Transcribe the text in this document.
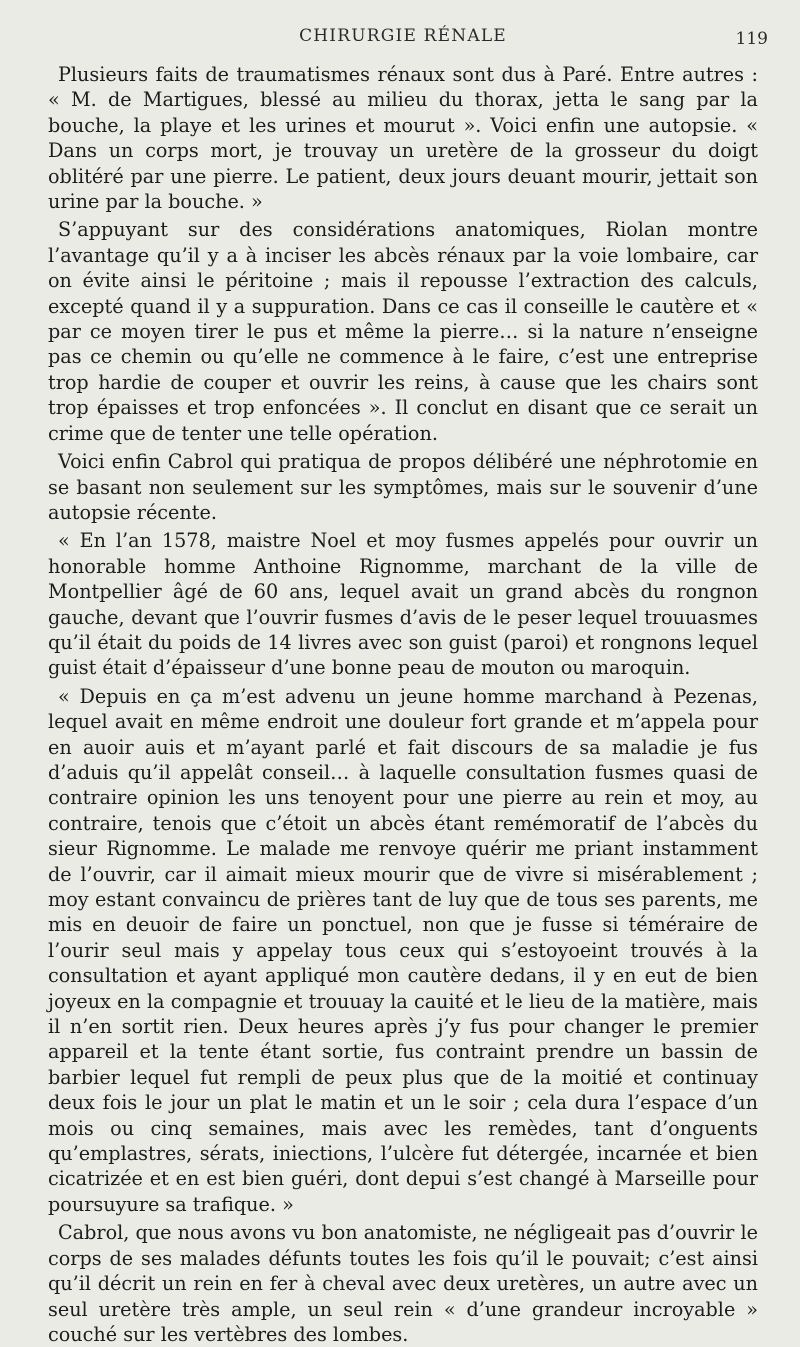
CHIRURGIE RÉNALE	119

Plusieurs faits de traumatismes rénaux sont dus à Paré. Entre autres : « M. de Martigues, blessé au milieu du thorax, jetta le sang par la bouche, la playe et les urines et mourut ». Voici enfin une autopsie. « Dans un corps mort, je trouvay un uretère de la grosseur du doigt oblitéré par une pierre. Le patient, deux jours deuant mourir, jettait son urine par la bouche. »

S’appuyant sur des considérations anatomiques, Riolan montre l’avantage qu’il y a à inciser les abcès rénaux par la voie lombaire, car on évite ainsi le péritoine ; mais il repousse l’extraction des calculs, excepté quand il y a suppuration. Dans ce cas il conseille le cautère et « par ce moyen tirer le pus et même la pierre… si la nature n’enseigne pas ce chemin ou qu’elle ne commence à le faire, c’est une entreprise trop hardie de couper et ouvrir les reins, à cause que les chairs sont trop épaisses et trop enfoncées ». Il conclut en disant que ce serait un crime que de tenter une telle opération.

Voici enfin Cabrol qui pratiqua de propos délibéré une néphrotomie en se basant non seulement sur les symptômes, mais sur le souvenir d’une autopsie récente.

« En l’an 1578, maistre Noel et moy fusmes appelés pour ouvrir un honorable homme Anthoine Rignomme, marchant de la ville de Montpellier âgé de 60 ans, lequel avait un grand abcès du rongnon gauche, devant que l’ouvrir fusmes d’avis de le peser lequel trouuasmes qu’il était du poids de 14 livres avec son guist (paroi) et rongnons lequel guist était d’épaisseur d’une bonne peau de mouton ou maroquin.

« Depuis en ça m’est advenu un jeune homme marchand à Pezenas, lequel avait en même endroit une douleur fort grande et m’appela pour en auoir auis et m’ayant parlé et fait discours de sa maladie je fus d’aduis qu’il appelât conseil… à laquelle consultation fusmes quasi de contraire opinion les uns tenoyent pour une pierre au rein et moy, au contraire, tenois que c’étoit un abcès étant remémoratif de l’abcès du sieur Rignomme. Le malade me renvoye quérir me priant instamment de l’ouvrir, car il aimait mieux mourir que de vivre si misérablement ; moy estant convaincu de prières tant de luy que de tous ses parents, me mis en deuoir de faire un ponctuel, non que je fusse si téméraire de l’ourir seul mais y appelay tous ceux qui s’estoyoeint trouvés à la consultation et ayant appliqué mon cautère dedans, il y en eut de bien joyeux en la compagnie et trouuay la cauité et le lieu de la matière, mais il n’en sortit rien. Deux heures après j’y fus pour changer le premier appareil et la tente étant sortie, fus contraint prendre un bassin de barbier lequel fut rempli de peux plus que de la moitié et continuay deux fois le jour un plat le matin et un le soir ; cela dura l’espace d’un mois ou cinq semaines, mais avec les remèdes, tant d’onguents qu’emplastres, sérats, iniections, l’ulcère fut détergée, incarnée et bien cicatrizée et en est bien guéri, dont depui s’est changé à Marseille pour poursuyure sa trafique. »

Cabrol, que nous avons vu bon anatomiste, ne négligeait pas d’ouvrir le corps de ses malades défunts toutes les fois qu’il le pouvait; c’est ainsi qu’il décrit un rein en fer à cheval avec deux uretères, un autre avec un seul uretère très ample, un seul rein « d’une grandeur incroyable » couché sur les vertèbres des lombes.
